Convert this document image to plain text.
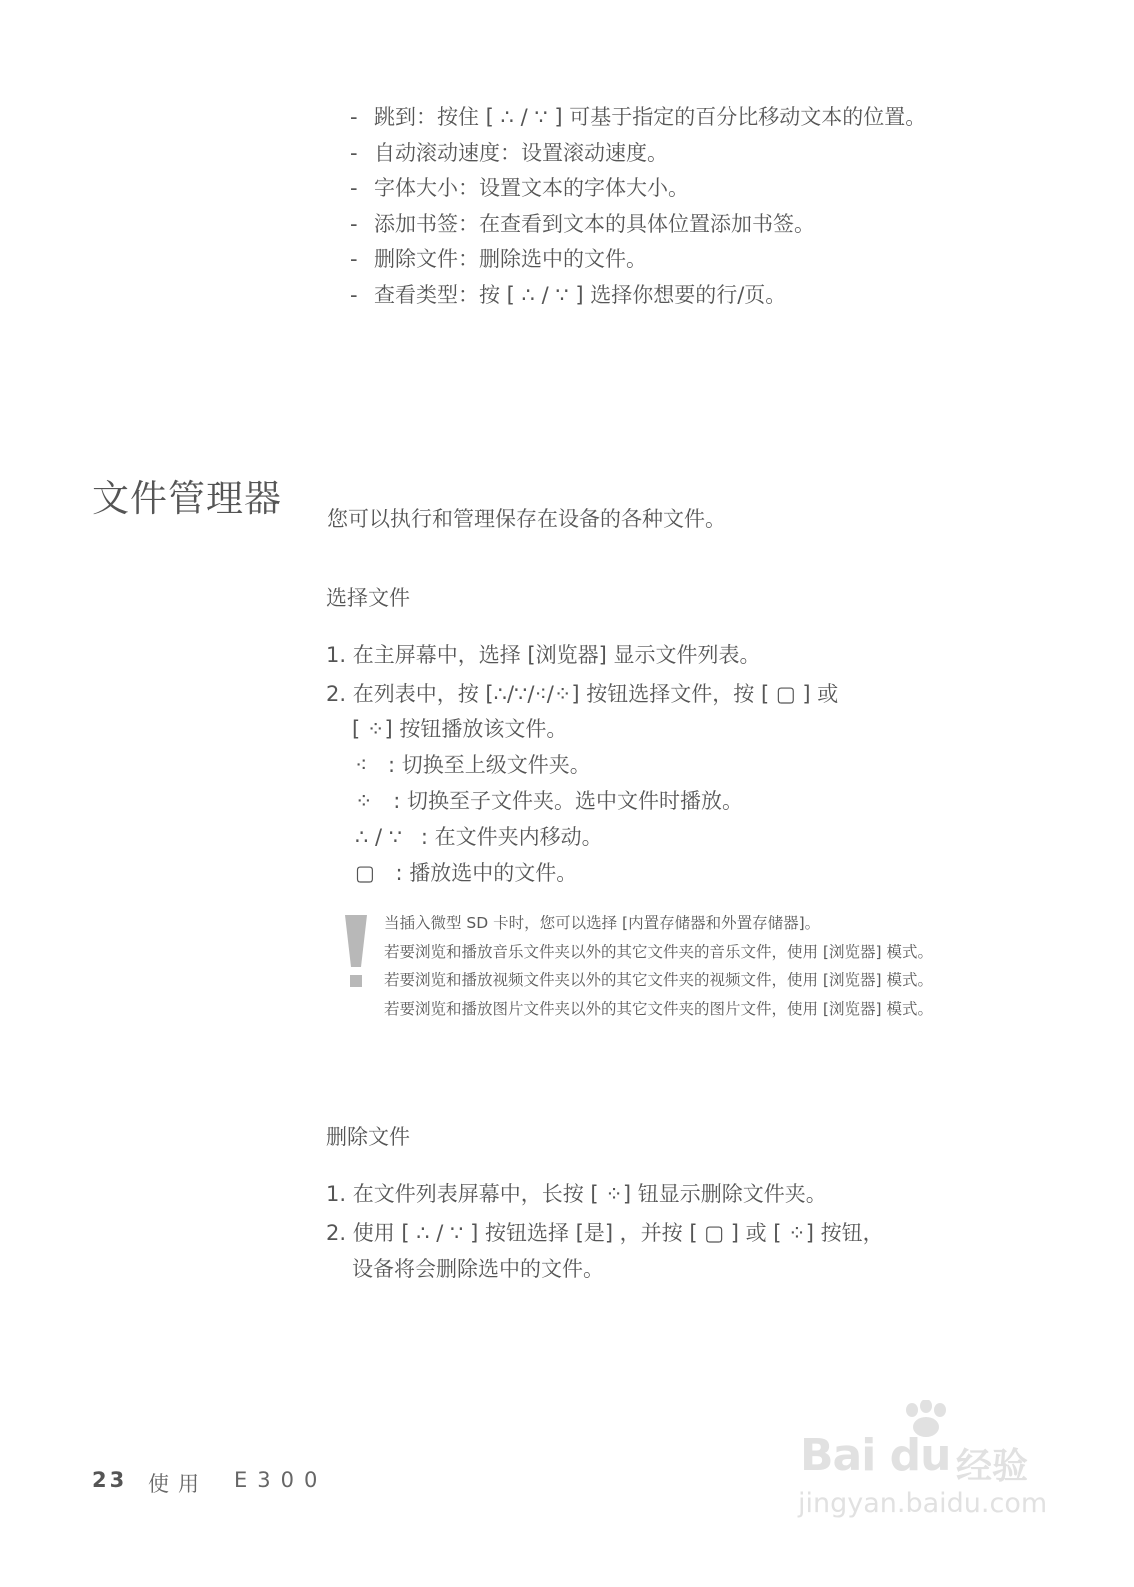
- 跳到：按住 [ ∴ / ∵ ] 可基于指定的百分比移动文本的位置。
- 自动滚动速度：设置滚动速度。
- 字体大小：设置文本的字体大小。
- 添加书签：在查看到文本的具体位置添加书签。
- 删除文件：删除选中的文件。
- 查看类型：按 [ ∴ / ∵ ] 选择你想要的行/页。
文件管理器 您可以执行和管理保存在设备的各种文件。
选择文件
1. 在主屏幕中，选择 [浏览器] 显示文件列表。
2. 在列表中，按 [∴/∵/⁖/⁘] 按钮选择文件，按 [ ▢ ] 或
[ ⁘] 按钮播放该文件。
⁖ : 切换至上级文件夹。
⁘ : 切换至子文件夹。选中文件时播放。
∴ / ∵ : 在文件夹内移动。
▢ : 播放选中的文件。
当插入微型 SD 卡时，您可以选择 [内置存储器和外置存储器]。
若要浏览和播放音乐文件夹以外的其它文件夹的音乐文件，使用 [浏览器] 模式。
若要浏览和播放视频文件夹以外的其它文件夹的视频文件，使用 [浏览器] 模式。
若要浏览和播放图片文件夹以外的其它文件夹的图片文件，使用 [浏览器] 模式。
删除文件
1. 在文件列表屏幕中，长按 [ ⁘] 钮显示删除文件夹。
2. 使用 [ ∴ / ∵ ] 按钮选择 [是] ，并按 [ ▢ ] 或 [ ⁘] 按钮，
设备将会删除选中的文件。
23 使用 E300	Bai du 经验
jingyan.baidu.com
